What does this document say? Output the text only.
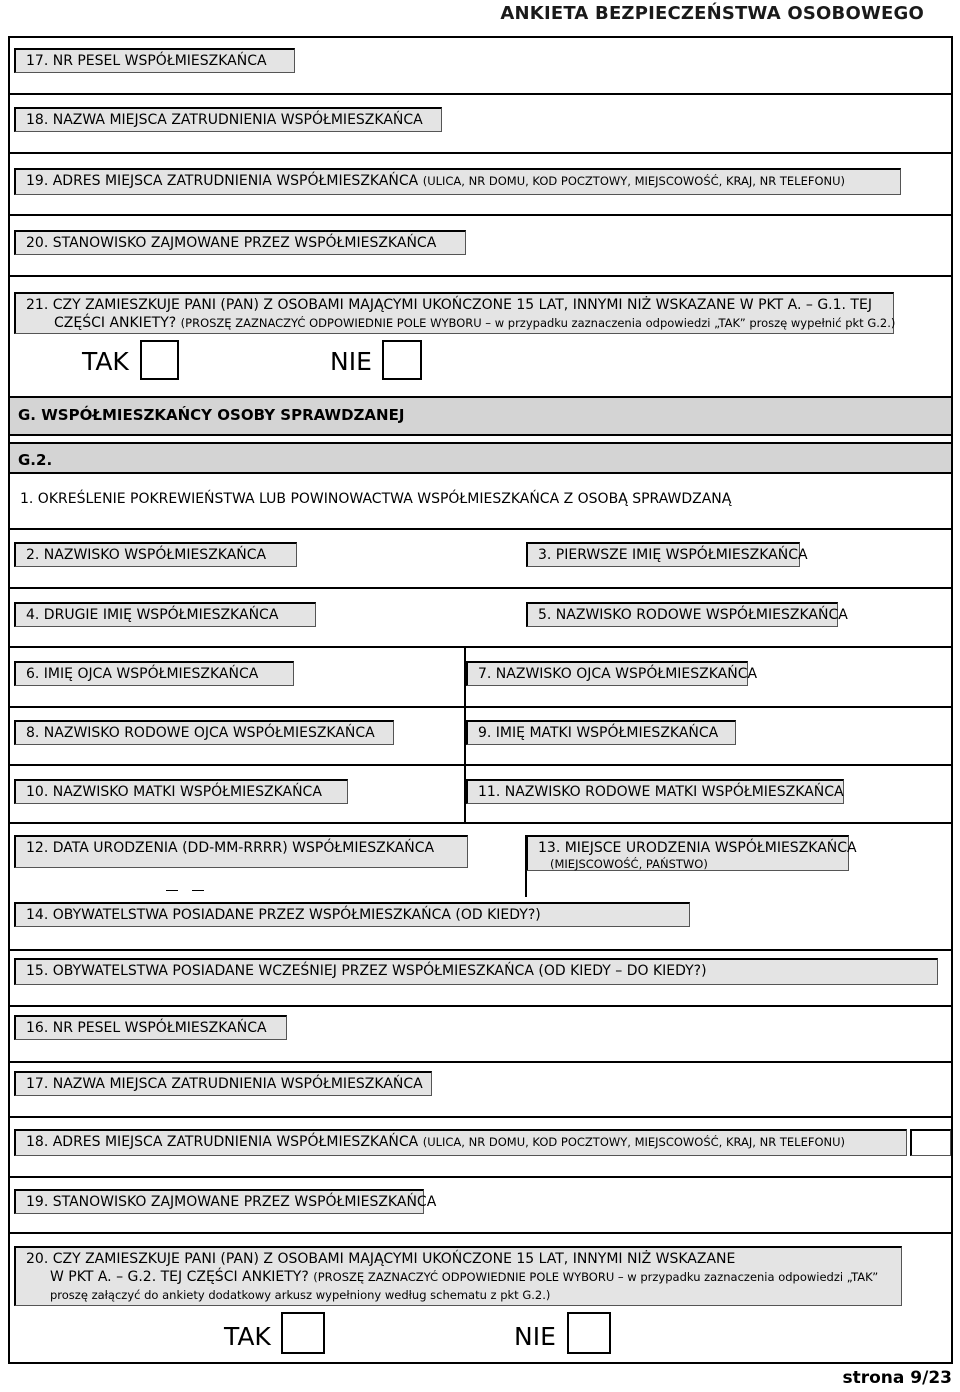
ANKIETA BEZPIECZEŃSTWA OSOBOWEGO
17. NR PESEL WSPÓŁMIESZKAŃCA
18. NAZWA MIEJSCA ZATRUDNIENIA WSPÓŁMIESZKAŃCA
19. ADRES MIEJSCA ZATRUDNIENIA WSPÓŁMIESZKAŃCA (ULICA, NR DOMU, KOD POCZTOWY, MIEJSCOWOŚĆ, KRAJ, NR TELEFONU)
20. STANOWISKO ZAJMOWANE PRZEZ WSPÓŁMIESZKAŃCA
21. CZY ZAMIESZKUJE PANI (PAN) Z OSOBAMI MAJĄCYMI UKOŃCZONE 15 LAT, INNYMI NIŻ WSKAZANE W PKT A. – G.1. TEJ
CZĘŚCI ANKIETY? (PROSZĘ ZAZNACZYĆ ODPOWIEDNIE POLE WYBORU – w przypadku zaznaczenia odpowiedzi „TAK” proszę wypełnić pkt G.2.)
TAK	NIE
G. WSPÓŁMIESZKAŃCY OSOBY SPRAWDZANEJ
G.2.
1. OKREŚLENIE POKREWIEŃSTWA LUB POWINOWACTWA WSPÓŁMIESZKAŃCA Z OSOBĄ SPRAWDZANĄ
2. NAZWISKO WSPÓŁMIESZKAŃCA	3. PIERWSZE IMIĘ WSPÓŁMIESZKAŃCA
4. DRUGIE IMIĘ WSPÓŁMIESZKAŃCA	5. NAZWISKO RODOWE WSPÓŁMIESZKAŃCA
6. IMIĘ OJCA WSPÓŁMIESZKAŃCA	7. NAZWISKO OJCA WSPÓŁMIESZKAŃCA
8. NAZWISKO RODOWE OJCA WSPÓŁMIESZKAŃCA	9. IMIĘ MATKI WSPÓŁMIESZKAŃCA
10. NAZWISKO MATKI WSPÓŁMIESZKAŃCA	11. NAZWISKO RODOWE MATKI WSPÓŁMIESZKAŃCA
12. DATA URODZENIA (DD-MM-RRRR) WSPÓŁMIESZKAŃCA	13. MIEJSCE URODZENIA WSPÓŁMIESZKAŃCA
(MIEJSCOWOŚĆ, PAŃSTWO)
14. OBYWATELSTWA POSIADANE PRZEZ WSPÓŁMIESZKAŃCA (OD KIEDY?)
15. OBYWATELSTWA POSIADANE WCZEŚNIEJ PRZEZ WSPÓŁMIESZKAŃCA (OD KIEDY – DO KIEDY?)
16. NR PESEL WSPÓŁMIESZKAŃCA
17. NAZWA MIEJSCA ZATRUDNIENIA WSPÓŁMIESZKAŃCA
18. ADRES MIEJSCA ZATRUDNIENIA WSPÓŁMIESZKAŃCA (ULICA, NR DOMU, KOD POCZTOWY, MIEJSCOWOŚĆ, KRAJ, NR TELEFONU)
19. STANOWISKO ZAJMOWANE PRZEZ WSPÓŁMIESZKAŃCA
20. CZY ZAMIESZKUJE PANI (PAN) Z OSOBAMI MAJĄCYMI UKOŃCZONE 15 LAT, INNYMI NIŻ WSKAZANE
W PKT A. – G.2. TEJ CZĘŚCI ANKIETY? (PROSZĘ ZAZNACZYĆ ODPOWIEDNIE POLE WYBORU – w przypadku zaznaczenia odpowiedzi „TAK”
proszę załączyć do ankiety dodatkowy arkusz wypełniony według schematu z pkt G.2.)
TAK	NIE
strona 9/23
